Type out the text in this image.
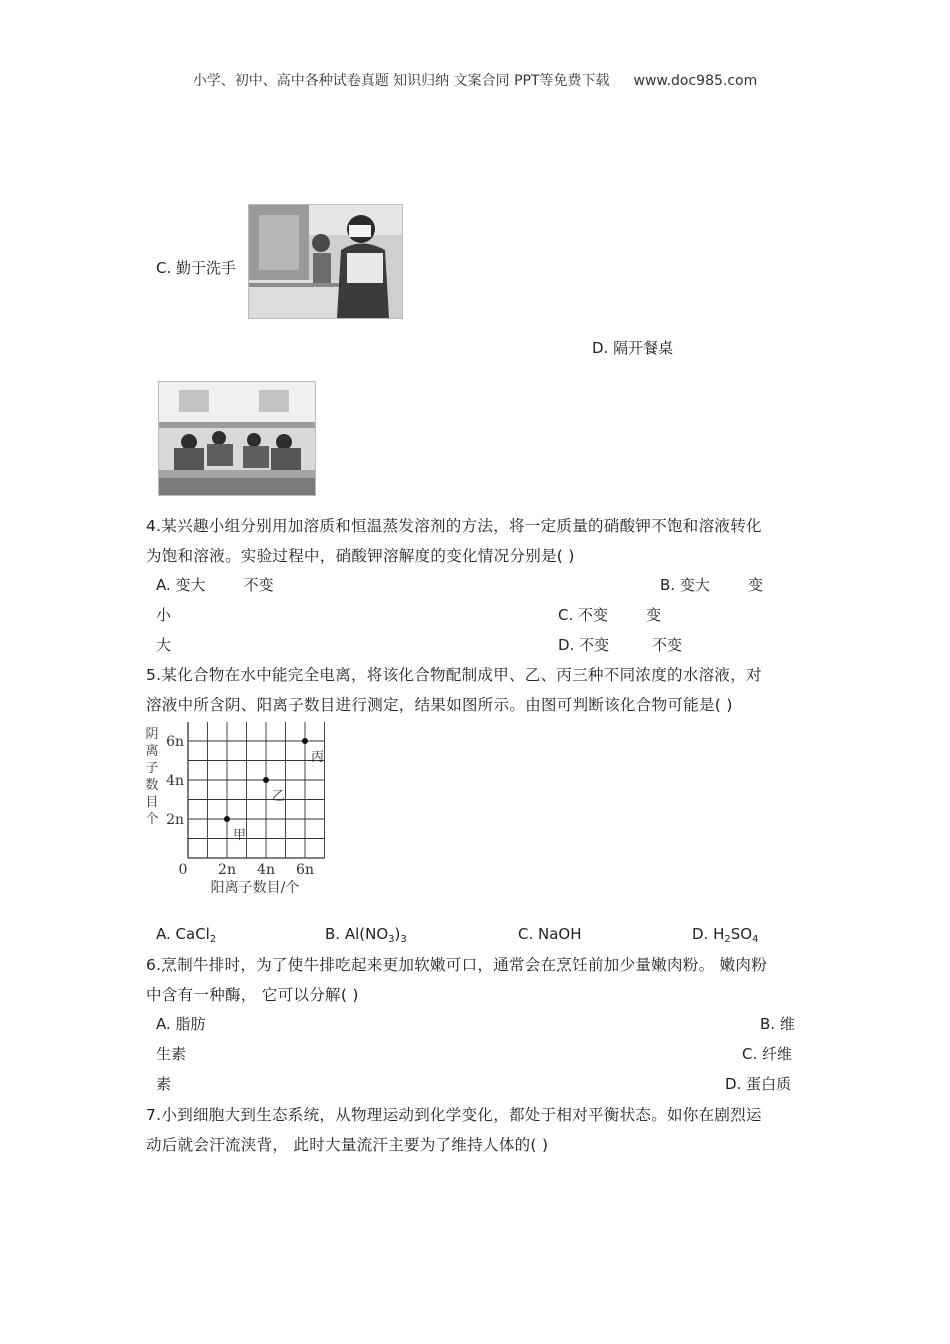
小学、初中、高中各种试卷真题 知识归纳 文案合同 PPT等免费下载 www.doc985.com
C. 勤于洗手
D. 隔开餐桌
4.某兴趣小组分别用加溶质和恒温蒸发溶剂的方法，将一定质量的硝酸钾不饱和溶液转化
为饱和溶液。实验过程中，硝酸钾溶解度的变化情况分别是( )
A. 变大        不变	B. 变大        变
小	C. 不变        变
大	D. 不变         不变
5.某化合物在水中能完全电离，将该化合物配制成甲、乙、丙三种不同浓度的水溶液，对
溶液中所含阴、阳离子数目进行测定，结果如图所示。由图可判断该化合物可能是( )
2n 4n 6n
2n
4n
6n
甲
乙
丙
阴
离
子
数
目
个
阳离子数目/个
0
A. CaCl$_2$	B. $Al(NO_3)_3$	C. NaOH	D. $H_2SO_4$
6.烹制牛排时，为了使牛排吃起来更加软嫩可口，通常会在烹饪前加少量嫩肉粉。 嫩肉粉
中含有一种酶， 它可以分解( )
A. 脂肪	B. 维
生素	C. 纤维
素	D. 蛋白质
7.小到细胞大到生态系统，从物理运动到化学变化，都处于相对平衡状态。如你在剧烈运
动后就会汗流浃背， 此时大量流汗主要为了维持人体的( )
